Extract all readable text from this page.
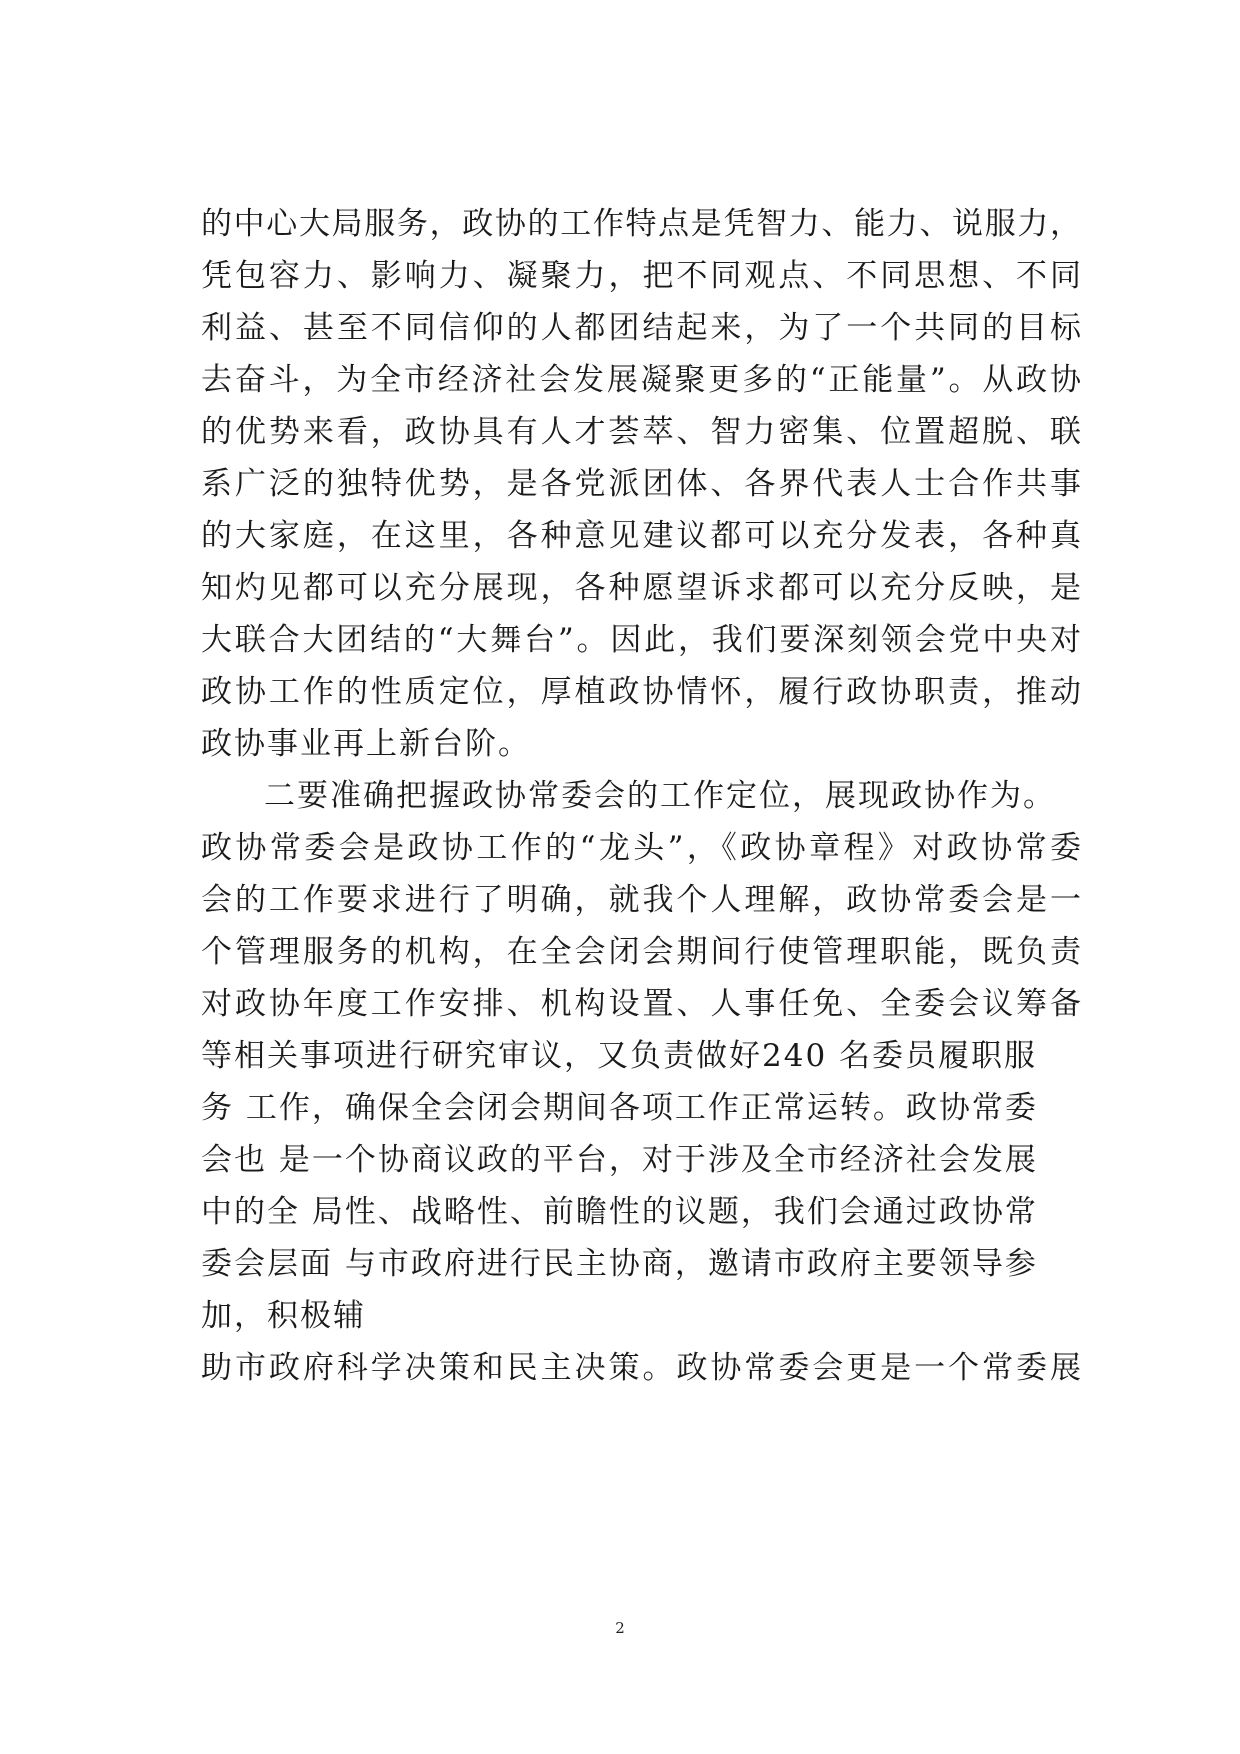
的中心大局服务，政协的工作特点是凭智力、能力、说服力，
凭包容力、影响力、凝聚力，把不同观点、不同思想、不同
利益、甚至不同信仰的人都团结起来，为了一个共同的目标
去奋斗，为全市经济社会发展凝聚更多的“正能量”。从政协
的优势来看，政协具有人才荟萃、智力密集、位置超脱、联
系广泛的独特优势，是各党派团体、各界代表人士合作共事
的大家庭，在这里，各种意见建议都可以充分发表，各种真
知灼见都可以充分展现，各种愿望诉求都可以充分反映，是
大联合大团结的“大舞台”。因此，我们要深刻领会党中央对
政协工作的性质定位，厚植政协情怀，履行政协职责，推动
政协事业再上新台阶。
二要准确把握政协常委会的工作定位，展现政协作为。
政协常委会是政协工作的“龙头”，《政协章程》对政协常委
会的工作要求进行了明确，就我个人理解，政协常委会是一
个管理服务的机构，在全会闭会期间行使管理职能，既负责
对政协年度工作安排、机构设置、人事任免、全委会议筹备
等相关事项进行研究审议，又负责做好240 名委员履职服
务 工作，确保全会闭会期间各项工作正常运转。政协常委
会也 是一个协商议政的平台，对于涉及全市经济社会发展
中的全 局性、战略性、前瞻性的议题，我们会通过政协常
委会层面 与市政府进行民主协商，邀请市政府主要领导参
加，积极辅
助市政府科学决策和民主决策。政协常委会更是一个常委展
2
